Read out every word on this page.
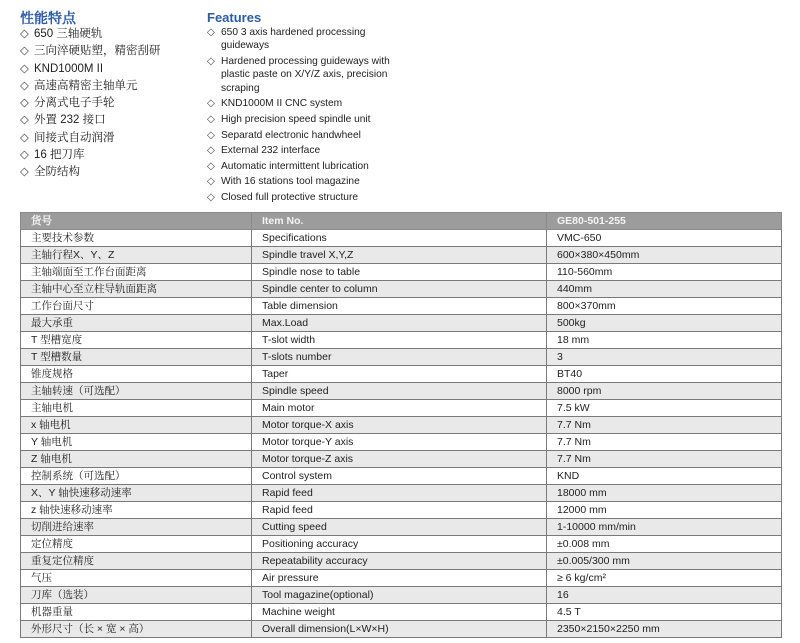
性能特点
◇ 650 三轴硬轨
◇ 三向淬硬贴塑，精密刮研
◇ KND1000M II
◇ 高速高精密主轴单元
◇ 分离式电子手轮
◇ 外置 232 接口
◇ 间接式自动润滑
◇ 16 把刀库
◇ 全防结构
Features
◇ 650 3 axis hardened processing guideways
◇ Hardened processing guideways with plastic paste on X/Y/Z axis, precision scraping
◇ KND1000M II CNC system
◇ High precision speed spindle unit
◇ Separatd electronic handwheel
◇ External 232 interface
◇ Automatic intermittent lubrication
◇ With 16 stations tool magazine
◇ Closed full protective structure
货号	Item No.	GE80-501-255
主要技术参数	Specifications	VMC-650
主轴行程X、Y、Z	Spindle travel X,Y,Z	600×380×450mm
主轴端面至工作台面距离	Spindle nose to table	110-560mm
主轴中心至立柱导轨面距离	Spindle center to column	440mm
工作台面尺寸	Table dimension	800×370mm
最大承重	Max.Load	500kg
T 型槽宽度	T-slot width	18 mm
T 型槽数量	T-slots number	3
锥度规格	Taper	BT40
主轴转速（可选配）	Spindle speed	8000 rpm
主轴电机	Main motor	7.5 kW
x 轴电机	Motor torque-X axis	7.7 Nm
Y 轴电机	Motor torque-Y axis	7.7 Nm
Z 轴电机	Motor torque-Z axis	7.7 Nm
控制系统（可选配）	Control system	KND
X、Y 轴快速移动速率	Rapid feed	18000 mm
z 轴快速移动速率	Rapid feed	12000 mm
切削进给速率	Cutting speed	1-10000 mm/min
定位精度	Positioning accuracy	±0.008 mm
重复定位精度	Repeatability accuracy	±0.005/300 mm
气压	Air pressure	≥ 6 kg/cm²
刀库（选装）	Tool magazine(optional)	16
机器重量	Machine weight	4.5 T
外形尺寸（长 × 宽 × 高）	Overall dimension(L×W×H)	2350×2150×2250 mm
